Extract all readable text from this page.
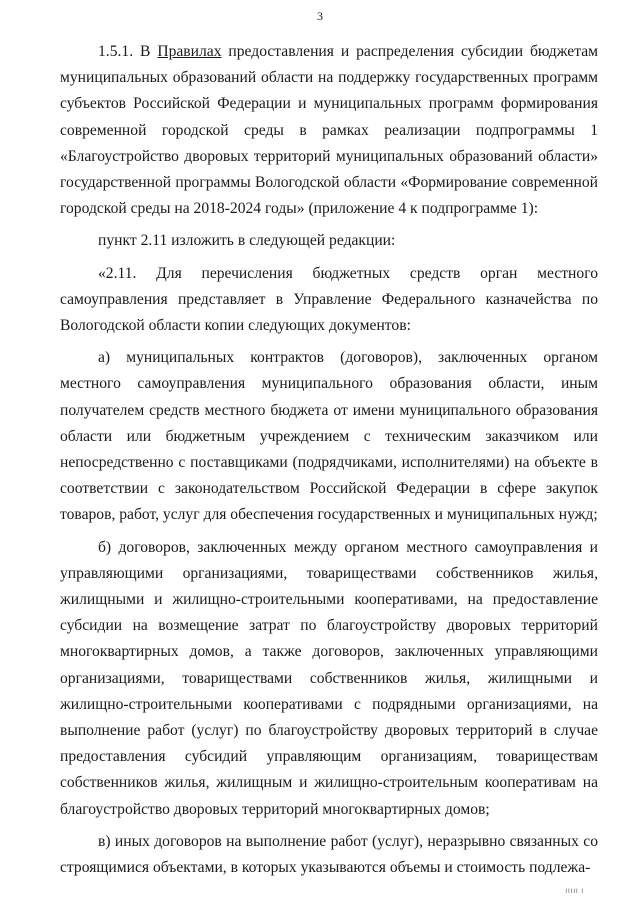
3

1.5.1. В Правилах предоставления и распределения субсидии бюджетам муниципальных образований области на поддержку государственных программ субъектов Российской Федерации и муниципальных программ формирования современной городской среды в рамках реализации подпрограммы 1 «Благоустройство дворовых территорий муниципальных образований области» государственной программы Вологодской области «Формирование современной городской среды на 2018-2024 годы» (приложение 4 к подпрограмме 1):

пункт 2.11 изложить в следующей редакции:

«2.11. Для перечисления бюджетных средств орган местного самоуправления представляет в Управление Федерального казначейства по Вологодской области копии следующих документов:

а) муниципальных контрактов (договоров), заключенных органом местного самоуправления муниципального образования области, иным получателем средств местного бюджета от имени муниципального образования области или бюджетным учреждением с техническим заказчиком или непосредственно с поставщиками (подрядчиками, исполнителями) на объекте в соответствии с законодательством Российской Федерации в сфере закупок товаров, работ, услуг для обеспечения государственных и муниципальных нужд;

б) договоров, заключенных между органом местного самоуправления и управляющими организациями, товариществами собственников жилья, жилищными и жилищно-строительными кооперативами, на предоставление субсидии на возмещение затрат по благоустройству дворовых территорий многоквартирных домов, а также договоров, заключенных управляющими организациями, товариществами собственников жилья, жилищными и жилищно-строительными кооперативами с подрядными организациями, на выполнение работ (услуг) по благоустройству дворовых территорий в случае предоставления субсидий управляющим организациям, товариществам собственников жилья, жилищным и жилищно-строительным кооперативам на благоустройство дворовых территорий многоквартирных домов;

в) иных договоров на выполнение работ (услуг), неразрывно связанных со строящимися объектами, в которых указываются объемы и стоимость подлежа-

ІІІІІ І
